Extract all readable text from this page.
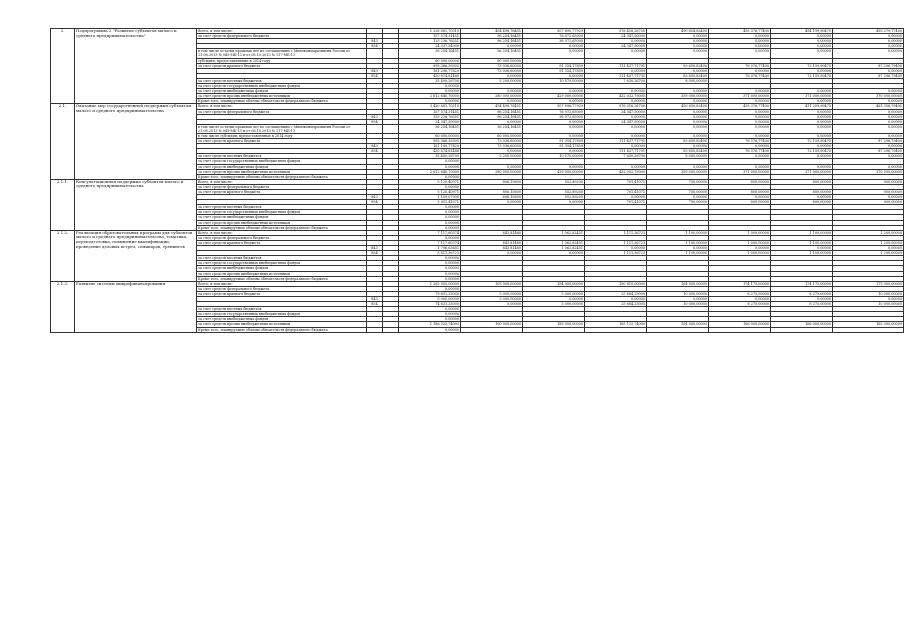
2.	Подпрограмма 2 "Развитие субъектов малого и среднего предпринимательства"	Всего, в том числе:			1 228 881,70315	454 498,76451	507 895,77929	576 416,26700	490 654,82400	455 376,77400	454 199,90475	455 279,77400
		за счет средств федерального бюджета			157 574,31451	96 254,16451	76 972,65000	24 347,50000	0,00000	0,00000	0,00000	0,00000
			843		133 236,76551	96 254,16451	36 972,65000	0,00000	0,00000	0,00000	0,00000	0,00000
			854		24 337,54900	0,00000	0,00000	24 347,50000	0,00000	0,00000	0,00000	0,00000
		в том числе остатки прошлых лет по соглашениям с Минэкономразвития России от 21.08.2013 № 045-МБ-13 и от 08.10.2013 № 117-МБ-13			36 254,16451	36 254,16451	0,00000	0,00000	0,00000	0,00000	0,00000	0,00000
		субсидии, предоставленные в 2014 году			60 000,00000	60 000,00000						
		за счет средств краевого бюджета			995 366,39305	73 036,60000	91 354,17859	111 437,71791	83 650,82400	76 376,77400	72 159,90475	87 296,79400
			843		161 296,77820	73 036,60000	91 354,17859	0,00000	0,00000	0,00000	0,00000	0,00000
			854		430 874,81486	0,00000	0,00000	111 437,71791	83 650,82400	76 376,77400	72 159,90475	87 296,79400
		за счет средств местных бюджетов			35 400,26700	5 200,00000	10 570,00000	7 630,26700	8 000,00000			
		за счет средств государственных внебюджетных фондов			0,00000							
		за счет средств внебюджетных фондов			0,00000	0,00000	0,00000	0,00000	0,00000	0,00000	0,00000	0,00000
		за счет средств прочих внебюджетных источников			2 612 640,70000	280 000,00000	429 000,00000	432 032,79000	359 000,00000	371 000,00000	371 000,00000	370 000,00000
		Кроме того, планируемые объемы обязательств федерального бюджета			0,00000	0,00000	0,00000	0,00000	0,00000	0,00000	0,00000	0,00000
2.1.	Оказание мер государственной поддержки субъектам малого и среднего предпринимательства	Всего, в том числе:			3 420 881,70315	454 498,76451	507 896,77929	576 016,26700	450 650,82400	455 376,77400	431 259,90475	461 356,79400
		за счет средств федерального бюджета			157 574,31451	96 254,16451	76 972,65000	24 347,50000	0,00000	0,00000	0,00000	0,00000
			843		133 226,76551	96 254,16451	36 972,65000	0,00000	0,00000	0,00000	0,00000	0,00000
			854		24 347,50000	0,00000	0,00000	24 347,50000	0,00000	0,00000	0,00000	0,00000
		в том числе остатки прошлых лет по соглашениям с Минэкономразвития России от 21.08.2013 № 045-МБ-13 и от 08.10.2013 № 117-МБ-13			36 254,16451	36 254,16451	0,00000	0,00000	0,00000	0,00000	0,00000	0,00000
		в том числе субсидии, предоставленные в 2014 году			60 000,00000	60 000,00000	0,00000	0,00000	0,00000	0,00000	0,00000	0,00000
		за счет средств краевого бюджета			995 366,39305	73 036,60000	91 354,17859	111 437,71791	83 650,82400	76 376,77400	72 159,90475	87 296,79400
			843		161 190,77820	73 036,60000	91 354,17859	0,00000	0,00000	0,00000	0,00000	0,00000
			854		430 874,81486	0,00000	0,00000	111 437,71791	83 650,82400	76 376,77400	72 159,90475	87 296,79400
		за счет средств местных бюджетов			35 400,26700	5 200,00000	10 570,00000	7 630,26700	8 000,00000	0,00000	0,00000	0,00000
		за счет средств государственных внебюджетных фондов			0,00000							
		за счет средств внебюджетных фондов			0,00000	0,00000	0,00000	0,00000	0,00000	0,00000	0,00000	0,00000
		за счет средств прочих внебюджетных источников			2 612 640,70000	280 000,00000	429 000,00000	432 032,79000	359 000,00000	371 000,00000	371 000,00000	370 000,00000
		Кроме того, планируемые объемы обязательств федерального бюджета			0,00000							
2.1.1.	Консультационная поддержка субъектов малого и среднего предпринимательства	Всего, в том числе:			5 120,40971	806,15600	552,89200	701,41071	750,00000	800,00000	800,00000	900,00000
		за счет средств федерального бюджета			0,00000							
		за счет средств краевого бюджета			5 120,40971	806,15600	552,89200	701,41071	750,00000	800,00000	800,00000	900,00000
			843		1 159,07900	606,15600	552,89200	0,00000	0,00000	0,00000	0,00000	0,00000
			854		3 951,41071	0,00000	0,00000	701,41071	750,00000	800,00000	800,00000	900,00000
		за счет средств местных бюджетов			0,00000							
		за счет средств государственных внебюджетных фондов			0,00000							
		за счет средств внебюджетных фондов			0,00000							
		за счет средств прочих внебюджетных источников			0,00000							
		Кроме того, планируемые объемы обязательств федерального бюджета			0,00000							
2.1.2.	Реализация образовательных программ для субъектов малого и среднего предпринимательства, тематика, переподготовка, повышение квалификации, проведение деловых встреч, семинаров, тренингов	Всего, в том числе:			7 117,60374	643,81460	1 062,82451	1 111,36723	1 100,00000	1 000,00000	1 100,00000	1 200,00000
		за счет средств федерального бюджета			0,00000							
		за счет средств краевого бюджета			7 117,60374	643,81460	1 062,82451	1 111,36723	1 100,00000	1 000,00000	1 100,00000	1 200,00000
			843		1 706,63651	643,81460	1 062,82451	0,00000	0,00000	0,00000	0,00000	0,00000
			854		5 611,36723	0,00000	0,00000	1 111,36723	1 100,00000	1 000,00000	1 100,00000	1 200,00000
		за счет средств местных бюджетов			0,00000							
		за счет средств государственных внебюджетных фондов			0,00000							
		за счет средств внебюджетных фондов			0,00000							
		за счет средств прочих внебюджетных источников			0,00000							
		Кроме того, планируемые объемы обязательств федерального бюджета			0,00000							
2.1.3.	Развитие системы микрофинансирования	Всего, в том числе:			1 265 950,00000	105 000,00000	194 000,00000	190 810,00000	164 000,00000	174 175,00000	174 175,00000	175 000,00000
		за счет средств федерального бюджета			0,00000							
		за счет средств краевого бюджета			79 631,25000	5 000,00000	5 000,00000	25 684,25000	10 000,00000	8 275,00000	8 275,00000	10 000,00000
			843		5 000,00000	5 000,00000	0,00000	0,00000	0,00000	0,00000	0,00000	0,00000
			854		74 631,25000	0,00000	5 000,00000	25 684,25000	10 000,00000	8 275,00000	8 275,00000	10 000,00000
		за счет средств местных бюджетов			0,00000							
		за счет средств государственных внебюджетных фондов			0,00000							
		за счет средств внебюджетных фондов			0,00000							
		за счет средств прочих внебюджетных источников			1 186 325,74000	100 000,00000	189 000,00000	165 125,74000	154 000,00000	166 000,00000	166 000,00000	165 000,00000
		Кроме того, планируемые объемы обязательств федерального бюджета			0,00000							
